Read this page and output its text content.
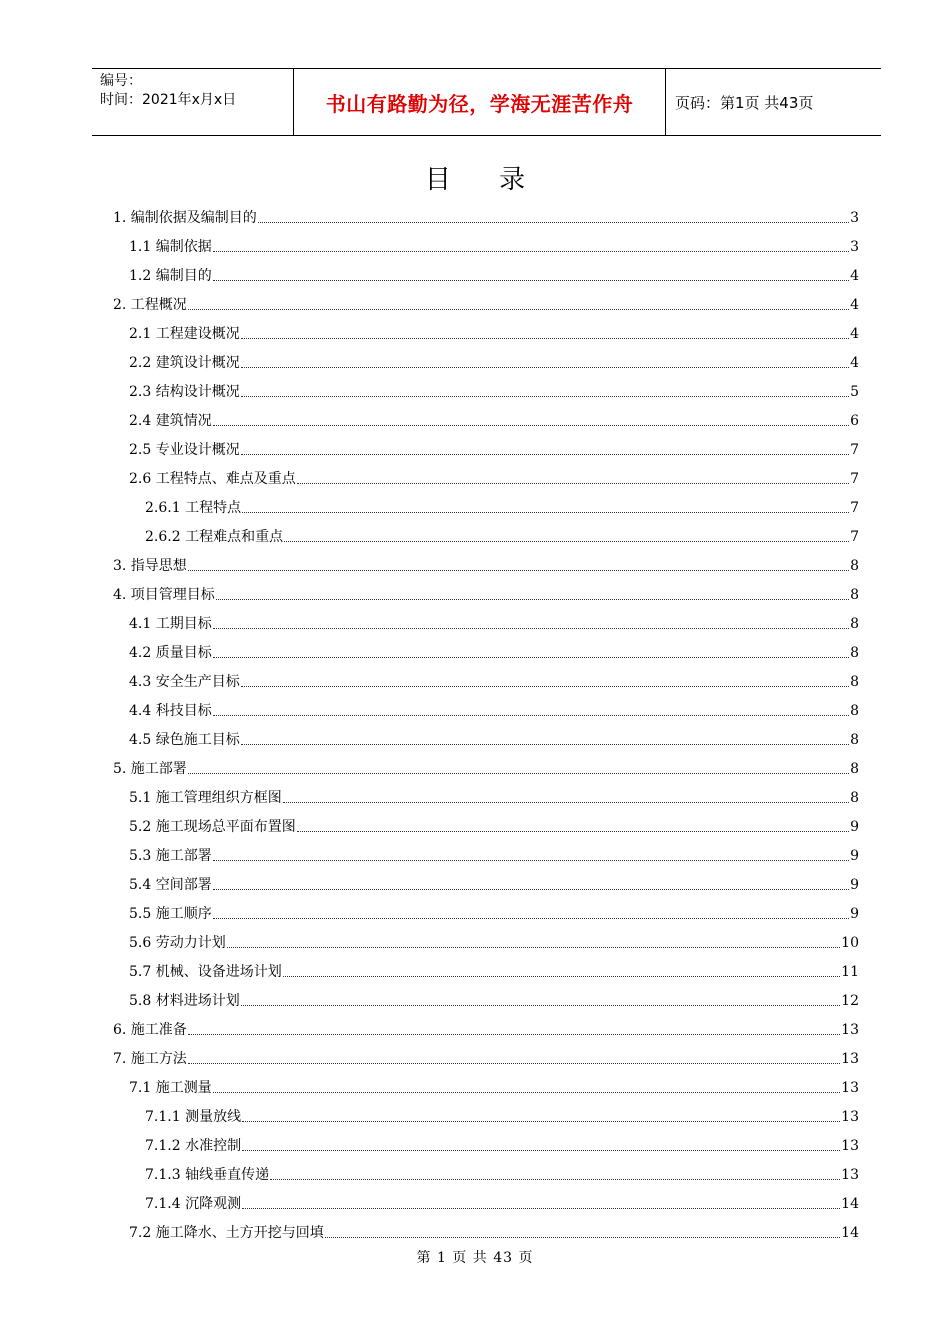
编号：
时间：2021年x月x日	书山有路勤为径，学海无涯苦作舟	页码：第1页 共43页
目 录
1. 编制依据及编制目的	3
1.1 编制依据	3
1.2 编制目的	4
2. 工程概况	4
2.1 工程建设概况	4
2.2 建筑设计概况	4
2.3 结构设计概况	5
2.4 建筑情况	6
2.5 专业设计概况	7
2.6 工程特点、难点及重点	7
2.6.1 工程特点	7
2.6.2 工程难点和重点	7
3. 指导思想	8
4. 项目管理目标	8
4.1 工期目标	8
4.2 质量目标	8
4.3 安全生产目标	8
4.4 科技目标	8
4.5 绿色施工目标	8
5. 施工部署	8
5.1 施工管理组织方框图	8
5.2 施工现场总平面布置图	9
5.3 施工部署	9
5.4 空间部署	9
5.5 施工顺序	9
5.6 劳动力计划	10
5.7 机械、设备进场计划	11
5.8 材料进场计划	12
6. 施工准备	13
7. 施工方法	13
7.1 施工测量	13
7.1.1 测量放线	13
7.1.2 水准控制	13
7.1.3 轴线垂直传递	13
7.1.4 沉降观测	14
7.2 施工降水、土方开挖与回填	14
第 1 页 共 43 页
